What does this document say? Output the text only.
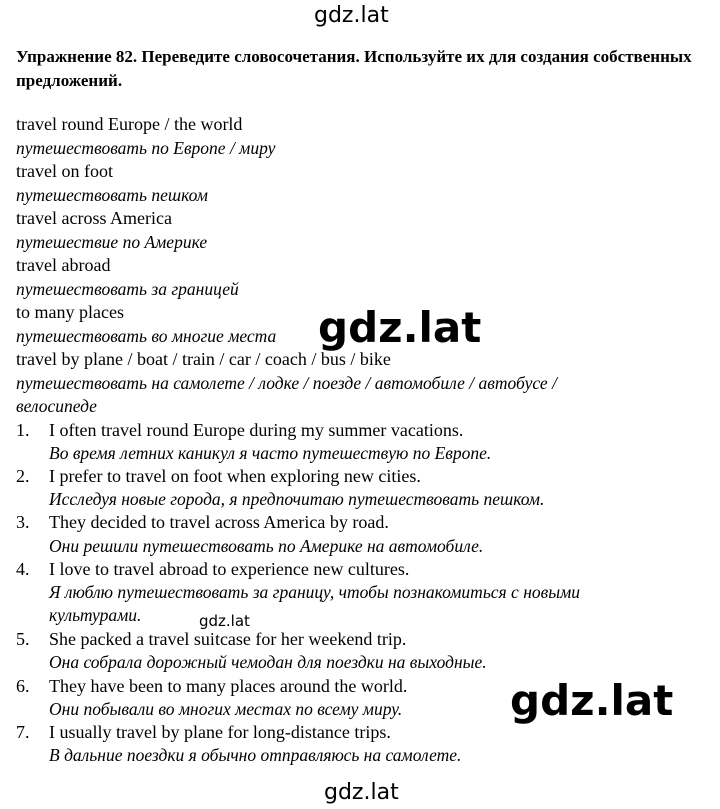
gdz.lat
Упражнение 82. Переведите словосочетания. Используйте их для создания собственных предложений.
travel round Europe / the world
путешествовать по Европе / миру
travel on foot
путешествовать пешком
travel across America
путешествие по Америке
travel abroad
путешествовать за границей
to many places
путешествовать во многие места
travel by plane / boat / train / car / coach / bus / bike
путешествовать на самолете / лодке / поезде / автомобиле / автобусе /
велосипеде
1. I often travel round Europe during my summer vacations.
Во время летних каникул я часто путешествую по Европе.
2. I prefer to travel on foot when exploring new cities.
Исследуя новые города, я предпочитаю путешествовать пешком.
3. They decided to travel across America by road.
Они решили путешествовать по Америке на автомобиле.
4. I love to travel abroad to experience new cultures.
Я люблю путешествовать за границу, чтобы познакомиться с новыми
культурами.
5. She packed a travel suitcase for her weekend trip.
Она собрала дорожный чемодан для поездки на выходные.
6. They have been to many places around the world.
Они побывали во многих местах по всему миру.
7. I usually travel by plane for long-distance trips.
В дальние поездки я обычно отправляюсь на самолете.
gdz.lat
gdz.lat
gdz.lat
gdz.lat
